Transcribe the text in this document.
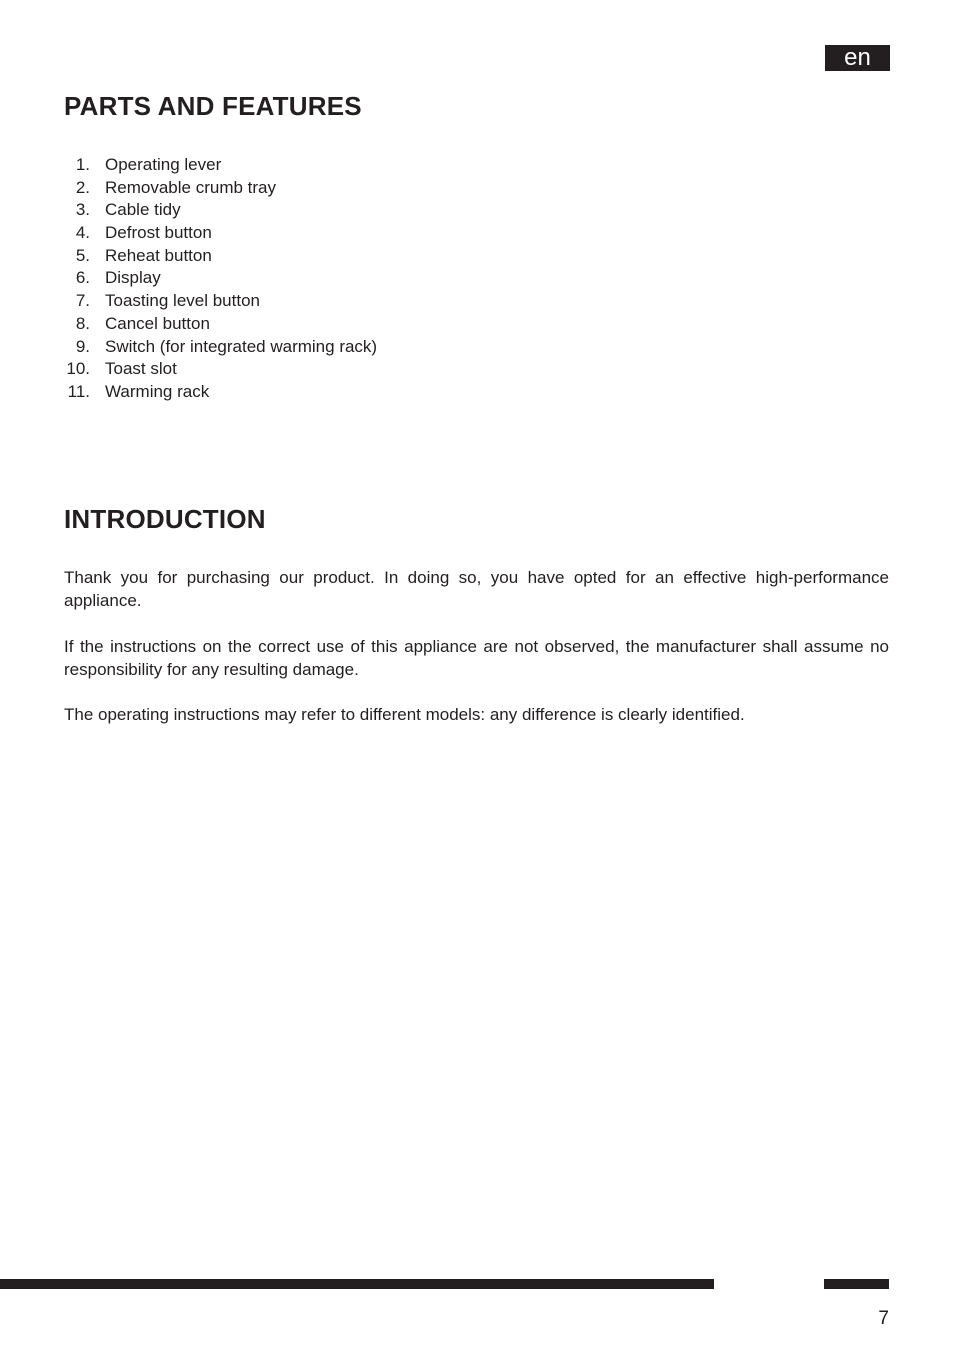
en
PARTS AND FEATURES
1. Operating lever
2. Removable crumb tray
3. Cable tidy
4. Defrost button
5. Reheat button
6. Display
7. Toasting level button
8. Cancel button
9. Switch (for integrated warming rack)
10. Toast slot
11. Warming rack
INTRODUCTION

Thank you for purchasing our product. In doing so, you have opted for an effective high-performance appliance.

If the instructions on the correct use of this appliance are not observed, the manufacturer shall assume no responsibility for any resulting damage.

The operating instructions may refer to different models: any difference is clearly identified.

7
